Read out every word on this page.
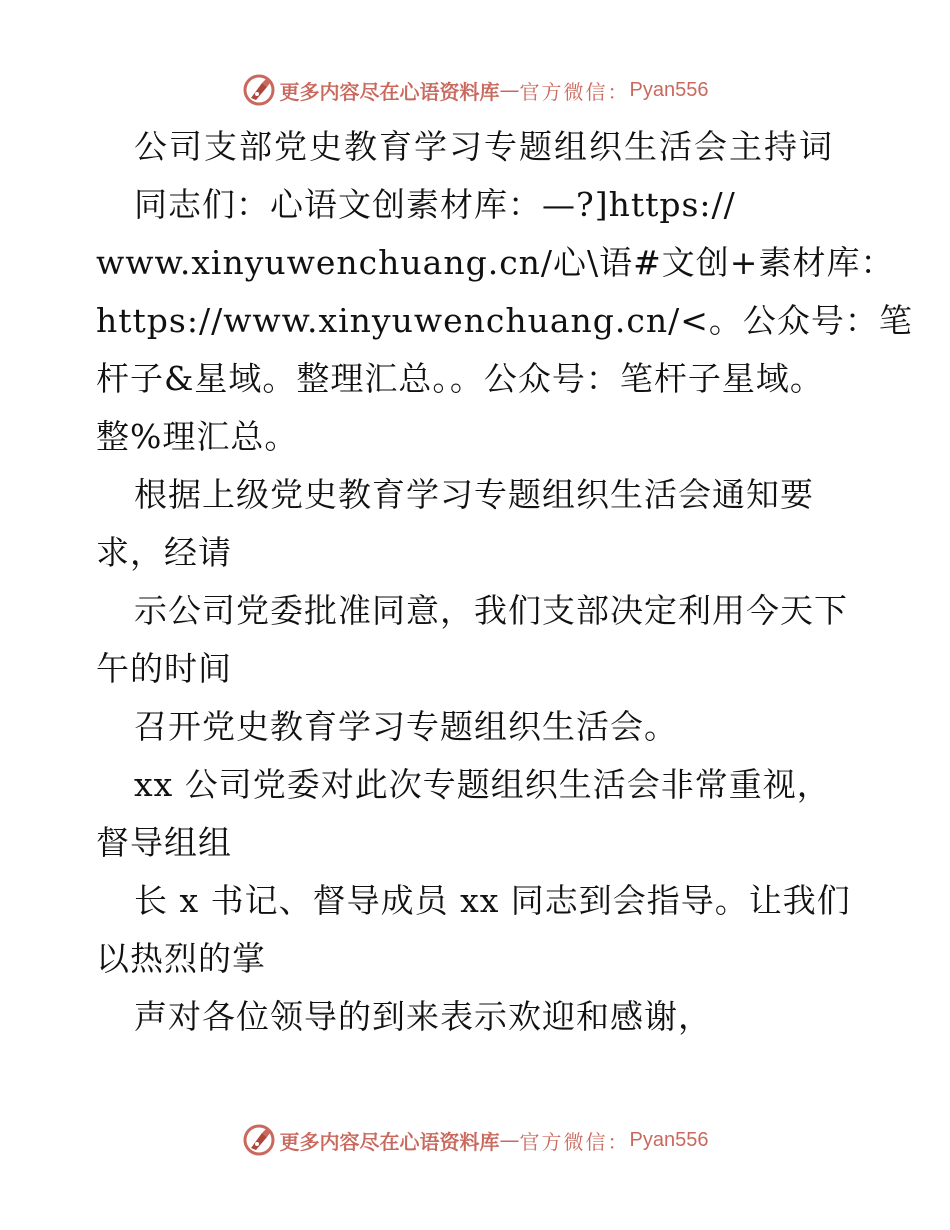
更多内容尽在心语资料库 — 官方微信： Pyan556
公司支部党史教育学习专题组织生活会主持词
同志们：心语文创素材库：—?]https://
www.xinyuwenchuang.cn/心\语#文创+素材库：
https://www.xinyuwenchuang.cn/<。公众号：笔
杆子&星域。整理汇总。。公众号：笔杆子星域。
整%理汇总。
根据上级党史教育学习专题组织生活会通知要
求，经请
示公司党委批准同意，我们支部决定利用今天下
午的时间
召开党史教育学习专题组织生活会。
xx 公司党委对此次专题组织生活会非常重视，
督导组组
长 x 书记、督导成员 xx 同志到会指导。让我们
以热烈的掌
声对各位领导的到来表示欢迎和感谢，
更多内容尽在心语资料库 — 官方微信： Pyan556
